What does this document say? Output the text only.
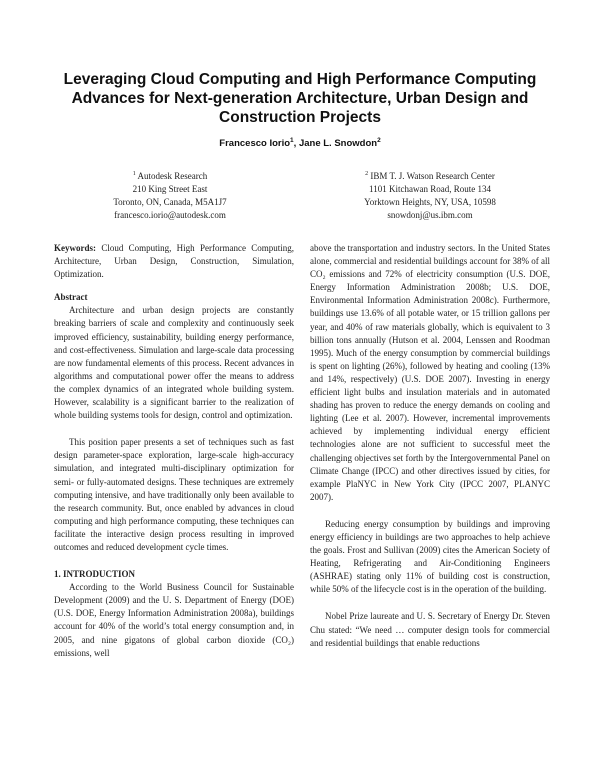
Leveraging Cloud Computing and High Performance Computing Advances for Next-generation Architecture, Urban Design and Construction Projects
Francesco Iorio$^1$, Jane L. Snowdon$^2$
$^1$ Autodesk Research
210 King Street East
Toronto, ON, Canada, M5A1J7
francesco.iorio@autodesk.com
$^2$ IBM T. J. Watson Research Center
1101 Kitchawan Road, Route 134
Yorktown Heights, NY, USA, 10598
snowdonj@us.ibm.com

Keywords: Cloud Computing, High Performance Computing, Architecture, Urban Design, Construction, Simulation, Optimization.

Abstract

Architecture and urban design projects are constantly breaking barriers of scale and complexity and continuously seek improved efficiency, sustainability, building energy performance, and cost-effectiveness. Simulation and large-scale data processing are now fundamental elements of this process. Recent advances in algorithms and computational power offer the means to address the complex dynamics of an integrated whole building system. However, scalability is a significant barrier to the realization of whole building systems tools for design, control and optimization.

This position paper presents a set of techniques such as fast design parameter-space exploration, large-scale high-accuracy simulation, and integrated multi-disciplinary optimization for semi- or fully-automated designs. These techniques are extremely computing intensive, and have traditionally only been available to the research community. But, once enabled by advances in cloud computing and high performance computing, these techniques can facilitate the interactive design process resulting in improved outcomes and reduced development cycle times.

1. INTRODUCTION

According to the World Business Council for Sustainable Development (2009) and the U. S. Department of Energy (DOE) (U.S. DOE, Energy Information Administration 2008a), buildings account for 40% of the world’s total energy consumption and, in 2005, and nine gigatons of global carbon dioxide (CO₂) emissions, well

above the transportation and industry sectors. In the United States alone, commercial and residential buildings account for 38% of all CO₂ emissions and 72% of electricity consumption (U.S. DOE, Energy Information Administration 2008b; U.S. DOE, Environmental Information Administration 2008c). Furthermore, buildings use 13.6% of all potable water, or 15 trillion gallons per year, and 40% of raw materials globally, which is equivalent to 3 billion tons annually (Hutson et al. 2004, Lenssen and Roodman 1995). Much of the energy consumption by commercial buildings is spent on lighting (26%), followed by heating and cooling (13% and 14%, respectively) (U.S. DOE 2007). Investing in energy efficient light bulbs and insulation materials and in automated shading has proven to reduce the energy demands on cooling and lighting (Lee et al. 2007). However, incremental improvements achieved by implementing individual energy efficient technologies alone are not sufficient to successful meet the challenging objectives set forth by the Intergovernmental Panel on Climate Change (IPCC) and other directives issued by cities, for example PlaNYC in New York City (IPCC 2007, PLANYC 2007).

Reducing energy consumption by buildings and improving energy efficiency in buildings are two approaches to help achieve the goals. Frost and Sullivan (2009) cites the American Society of Heating, Refrigerating and Air-Conditioning Engineers (ASHRAE) stating only 11% of building cost is construction, while 50% of the lifecycle cost is in the operation of the building.

Nobel Prize laureate and U. S. Secretary of Energy Dr. Steven Chu stated: “We need … computer design tools for commercial and residential buildings that enable reductions
